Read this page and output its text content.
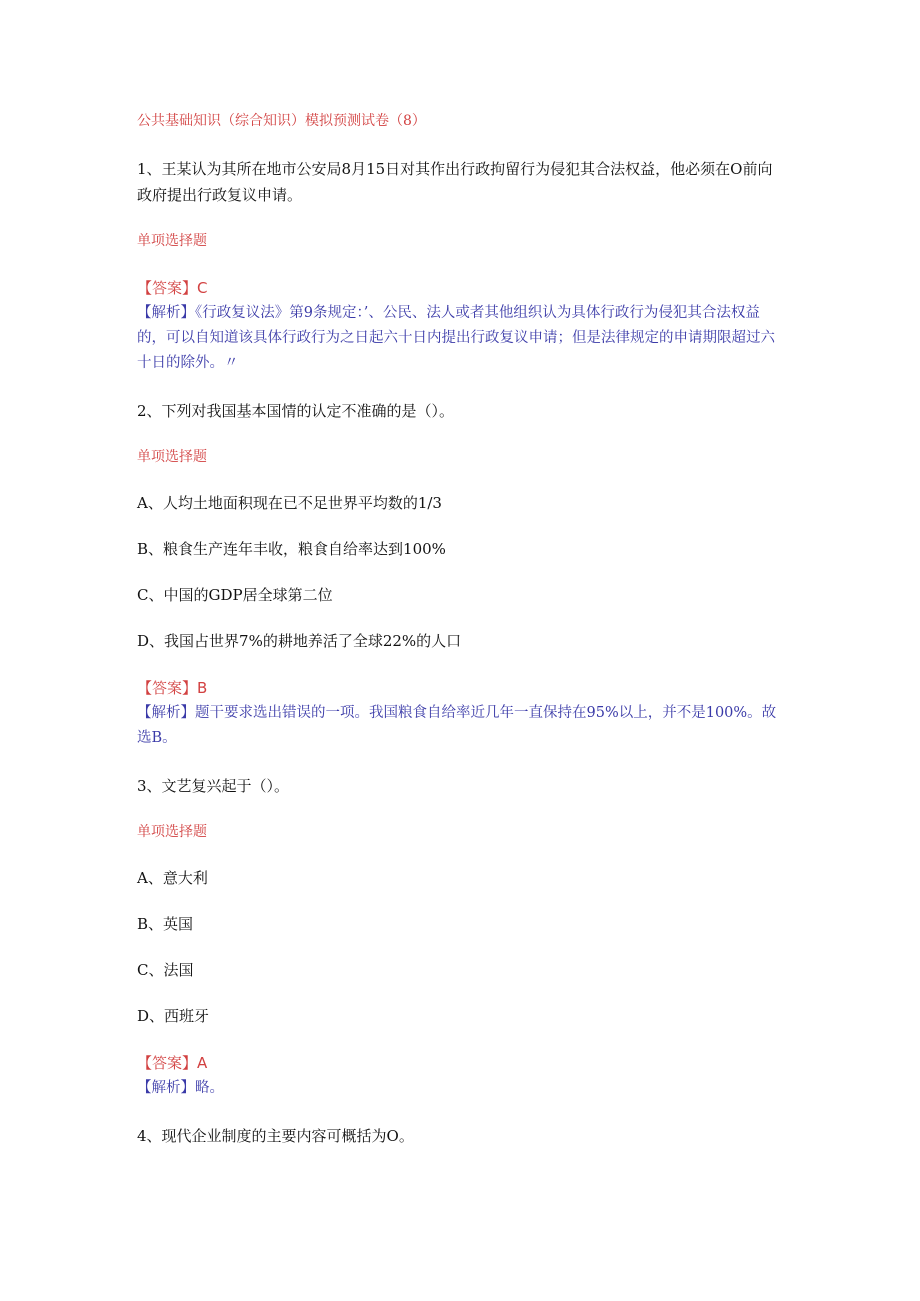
公共基础知识（综合知识）模拟预测试卷（8）
1、王某认为其所在地市公安局8月15日对其作出行政拘留行为侵犯其合法权益，他必须在O前向政府提出行政复议申请。
单项选择题
【答案】C
【解析】《行政复议法》第9条规定：’、公民、法人或者其他组织认为具体行政行为侵犯其合法权益的，可以自知道该具体行政行为之日起六十日内提出行政复议申请；但是法律规定的申请期限超过六十日的除外。〃
2、下列对我国基本国情的认定不准确的是（）。
单项选择题
A、人均土地面积现在已不足世界平均数的1/3
B、粮食生产连年丰收，粮食自给率达到100%
C、中国的GDP居全球第二位
D、我国占世界7%的耕地养活了全球22%的人口
【答案】B
【解析】题干要求选出错误的一项。我国粮食自给率近几年一直保持在95%以上，并不是100%。故选B。
3、文艺复兴起于（）。
单项选择题
A、意大利
B、英国
C、法国
D、西班牙
【答案】A
【解析】略。
4、现代企业制度的主要内容可概括为O。
